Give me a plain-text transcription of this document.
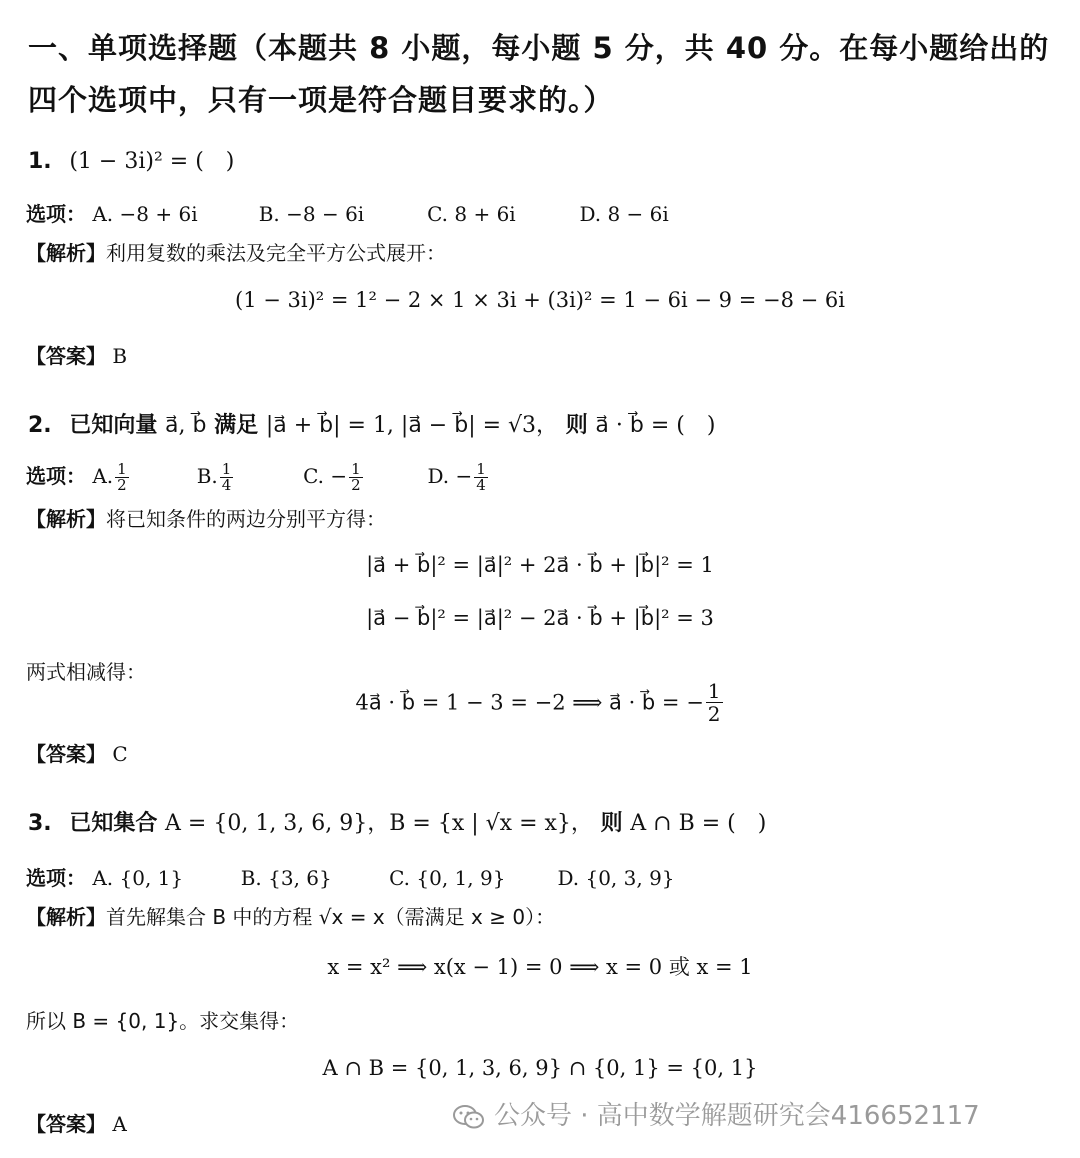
一、单项选择题（本题共 8 小题，每小题 5 分，共 40 分。在每小题给出的四个选项中，只有一项是符合题目要求的。）
1. (1 − 3i)² = (　)
选项： A. −8 + 6i	B. −8 − 6i	C. 8 + 6i	D. 8 − 6i
【解析】利用复数的乘法及完全平方公式展开：
(1 − 3i)² = 1² − 2 × 1 × 3i + (3i)² = 1 − 6i − 9 = −8 − 6i
【答案】 B
2. 已知向量 a⃗, b⃗ 满足 |a⃗ + b⃗| = 1, |a⃗ − b⃗| = √3， 则 a⃗ · b⃗ = (　)
选项： A. $\frac{1}{2}$	B. $\frac{1}{4}$	C. − $\frac{1}{2}$	D. − $\frac{1}{4}$
【解析】将已知条件的两边分别平方得：
|a⃗ + b⃗|² = |a⃗|² + 2a⃗ · b⃗ + |b⃗|² = 1
|a⃗ − b⃗|² = |a⃗|² − 2a⃗ · b⃗ + |b⃗|² = 3
两式相减得：
4a⃗ · b⃗ = 1 − 3 = −2 ⟹ a⃗ · b⃗ = − $\frac{1}{2}$
【答案】 C
3. 已知集合 A = {0, 1, 3, 6, 9}，B = {x | √x = x}， 则 A ∩ B = (　)
选项： A. {0, 1}	B. {3, 6}	C. {0, 1, 9}	D. {0, 3, 9}
【解析】首先解集合 B 中的方程 √x = x（需满足 x ≥ 0）：
x = x² ⟹ x(x − 1) = 0 ⟹ x = 0 或 x = 1
所以 B = {0, 1}。求交集得：
A ∩ B = {0, 1, 3, 6, 9} ∩ {0, 1} = {0, 1}
【答案】 A	公众号 · 高中数学解题研究会416652117
